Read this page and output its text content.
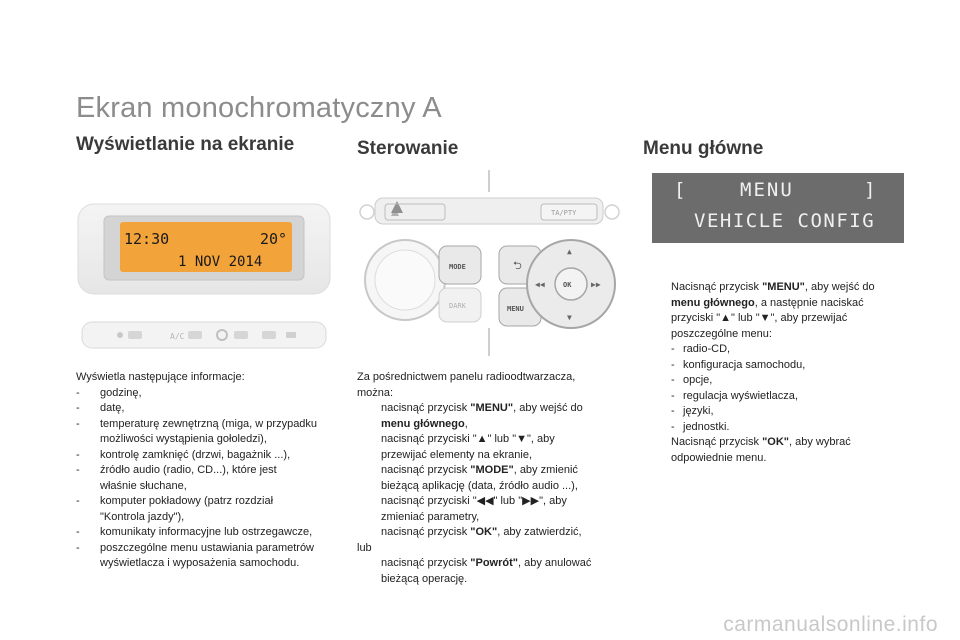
Ekran monochromatyczny A
Wyświetlanie na ekranie	Sterowanie	Menu główne
12:30	20°
1 NOV 2014
A/C
TA/PTY
MODE
DARK
⮌
MENU
OK
▲
▼
◀◀	▶▶
[	MENU	]
VEHICLE CONFIG
Wyświetla następujące informacje:
- godzinę,
- datę,
- temperaturę zewnętrzną (miga, w przypadku
możliwości wystąpienia gołoledzi),
- kontrolę zamknięć (drzwi, bagażnik ...),
- źródło audio (radio, CD...), które jest
właśnie słuchane,
- komputer pokładowy (patrz rozdział
"Kontrola jazdy"),
- komunikaty informacyjne lub ostrzegawcze,
- poszczególne menu ustawiania parametrów
wyświetlacza i wyposażenia samochodu.
Za pośrednictwem panelu radioodtwarzacza,
można:
nacisnąć przycisk "MENU", aby wejść do
menu głównego,
nacisnąć przyciski "▲" lub "▼", aby
przewijać elementy na ekranie,
nacisnąć przycisk "MODE", aby zmienić
bieżącą aplikację (data, źródło audio ...),
nacisnąć przyciski "◀◀" lub "▶▶", aby
zmieniać parametry,
nacisnąć przycisk "OK", aby zatwierdzić,
lub
nacisnąć przycisk "Powrót", aby anulować
bieżącą operację.
Nacisnąć przycisk "MENU", aby wejść do
menu głównego, a następnie naciskać
przyciski "▲" lub "▼", aby przewijać
poszczególne menu:
- radio-CD,
- konfiguracja samochodu,
- opcje,
- regulacja wyświetlacza,
- języki,
- jednostki.
Nacisnąć przycisk "OK", aby wybrać
odpowiednie menu.
carmanualsonline.info
